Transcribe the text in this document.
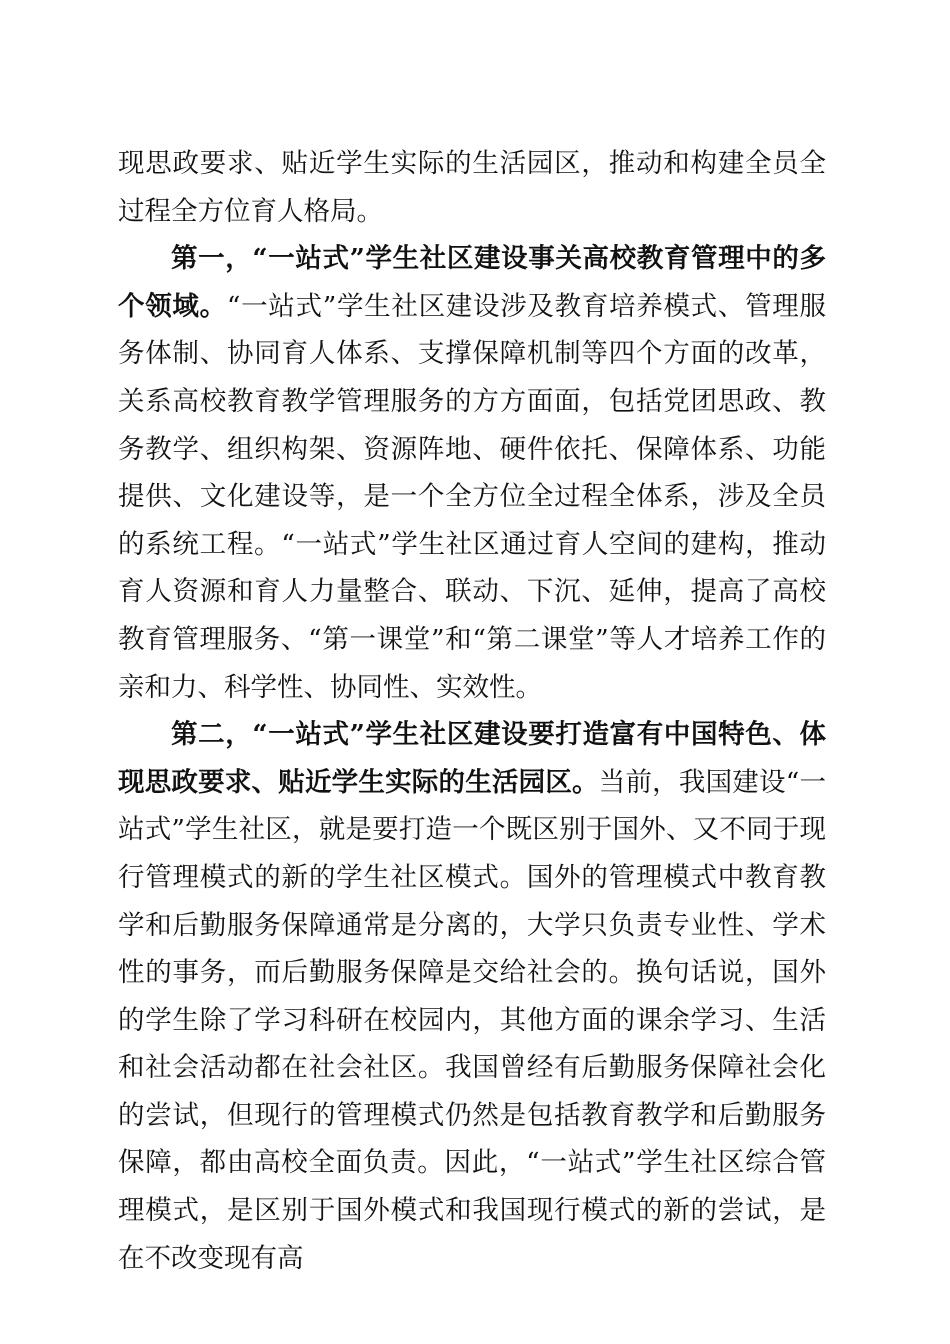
现思政要求、贴近学生实际的生活园区，推动和构建全员全过程全方位育人格局。

第一，“一站式”学生社区建设事关高校教育管理中的多个领域。“一站式”学生社区建设涉及教育培养模式、管理服务体制、协同育人体系、支撑保障机制等四个方面的改革，关系高校教育教学管理服务的方方面面，包括党团思政、教务教学、组织构架、资源阵地、硬件依托、保障体系、功能提供、文化建设等，是一个全方位全过程全体系，涉及全员的系统工程。“一站式”学生社区通过育人空间的建构，推动育人资源和育人力量整合、联动、下沉、延伸，提高了高校教育管理服务、“第一课堂”和“第二课堂”等人才培养工作的亲和力、科学性、协同性、实效性。

第二，“一站式”学生社区建设要打造富有中国特色、体现思政要求、贴近学生实际的生活园区。当前，我国建设“一站式”学生社区，就是要打造一个既区别于国外、又不同于现行管理模式的新的学生社区模式。国外的管理模式中教育教学和后勤服务保障通常是分离的，大学只负责专业性、学术性的事务，而后勤服务保障是交给社会的。换句话说，国外的学生除了学习科研在校园内，其他方面的课余学习、生活和社会活动都在社会社区。我国曾经有后勤服务保障社会化的尝试，但现行的管理模式仍然是包括教育教学和后勤服务保障，都由高校全面负责。因此，“一站式”学生社区综合管理模式，是区别于国外模式和我国现行模式的新的尝试，是在不改变现有高
